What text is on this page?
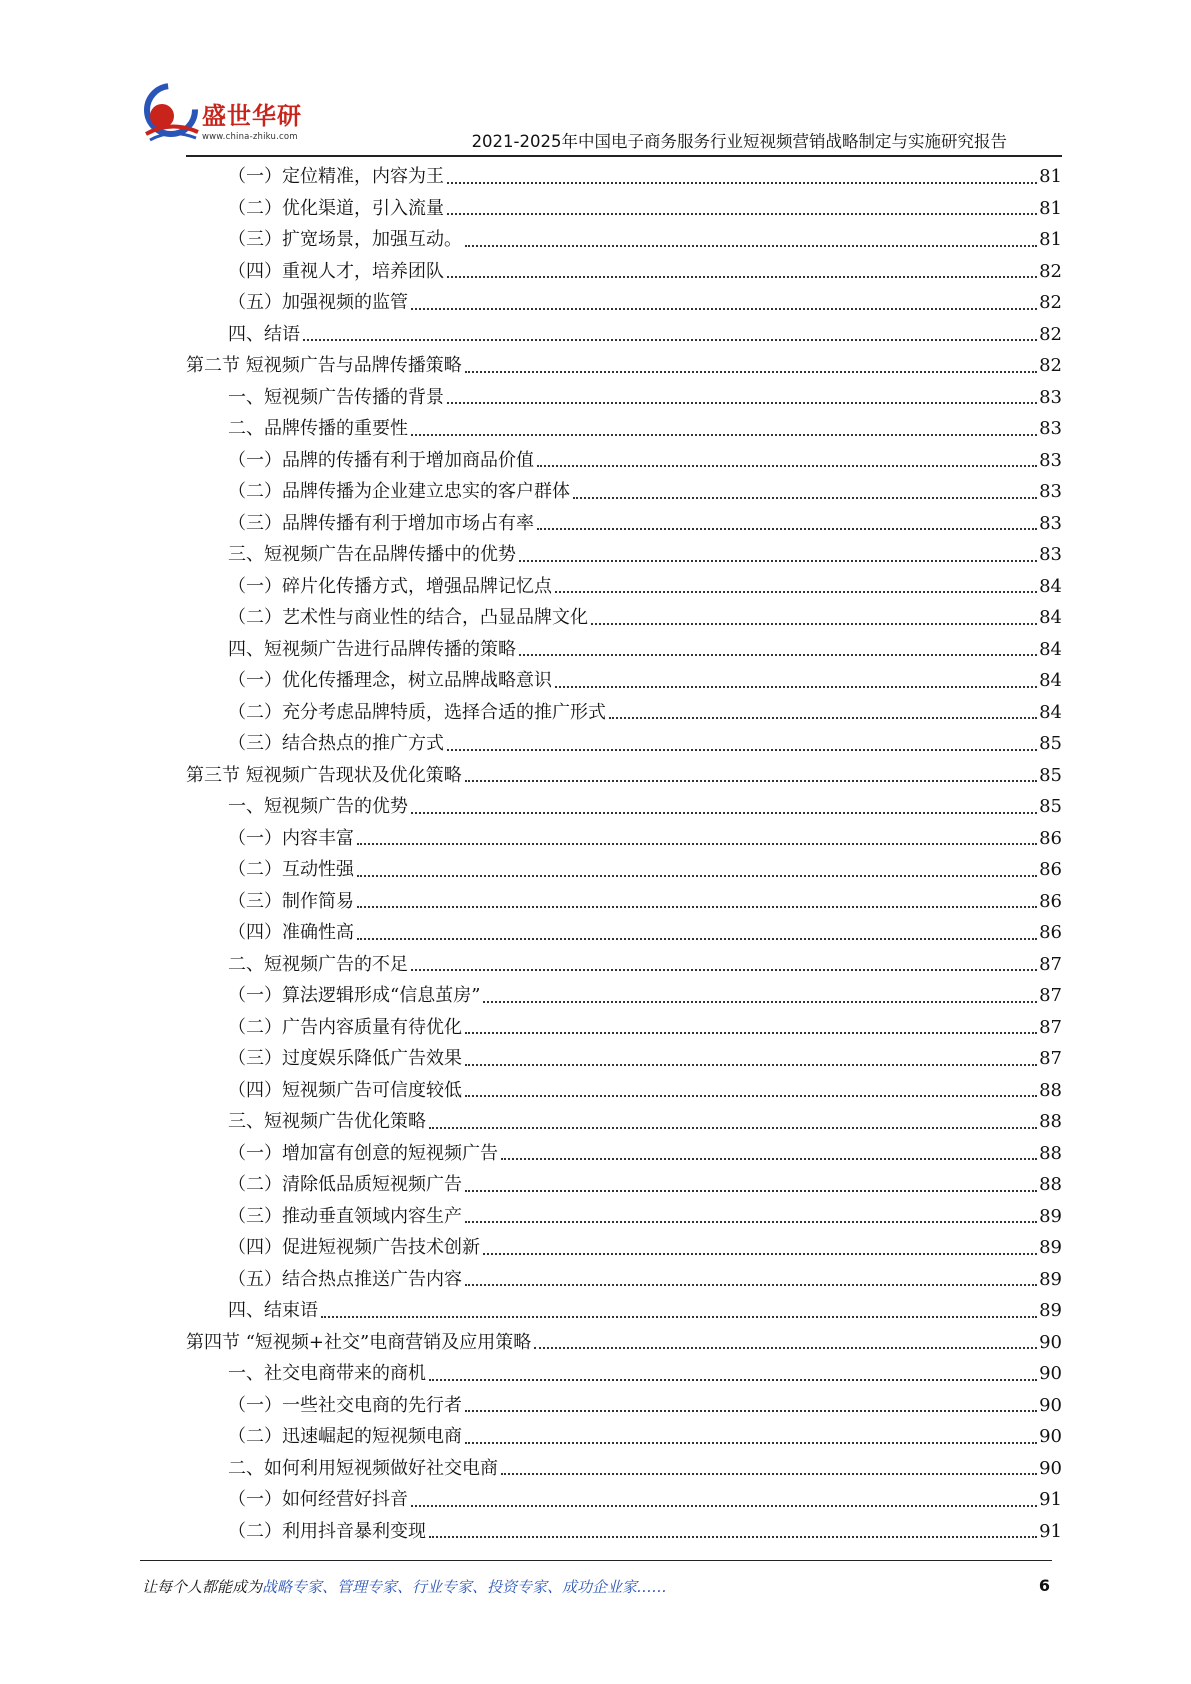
盛世华研
www.china-zhiku.com	2021-2025年中国电子商务服务行业短视频营销战略制定与实施研究报告
（一）定位精准，内容为王	81
（二）优化渠道，引入流量	81
（三）扩宽场景，加强互动。	81
（四）重视人才，培养团队	82
（五）加强视频的监管	82
四、结语	82
第二节 短视频广告与品牌传播策略	82
一、短视频广告传播的背景	83
二、品牌传播的重要性	83
（一）品牌的传播有利于增加商品价值	83
（二）品牌传播为企业建立忠实的客户群体	83
（三）品牌传播有利于增加市场占有率	83
三、短视频广告在品牌传播中的优势	83
（一）碎片化传播方式，增强品牌记忆点	84
（二）艺术性与商业性的结合，凸显品牌文化	84
四、短视频广告进行品牌传播的策略	84
（一）优化传播理念，树立品牌战略意识	84
（二）充分考虑品牌特质，选择合适的推广形式	84
（三）结合热点的推广方式	85
第三节 短视频广告现状及优化策略	85
一、短视频广告的优势	85
（一）内容丰富	86
（二）互动性强	86
（三）制作简易	86
（四）准确性高	86
二、短视频广告的不足	87
（一）算法逻辑形成“信息茧房”	87
（二）广告内容质量有待优化	87
（三）过度娱乐降低广告效果	87
（四）短视频广告可信度较低	88
三、短视频广告优化策略	88
（一）增加富有创意的短视频广告	88
（二）清除低品质短视频广告	88
（三）推动垂直领域内容生产	89
（四）促进短视频广告技术创新	89
（五）结合热点推送广告内容	89
四、结束语	89
第四节 “短视频+社交”电商营销及应用策略	90
一、社交电商带来的商机	90
（一）一些社交电商的先行者	90
（二）迅速崛起的短视频电商	90
二、如何利用短视频做好社交电商	90
（一）如何经营好抖音	91
（二）利用抖音暴利变现	91
让每个人都能成为战略专家、管理专家、行业专家、投资专家、成功企业家……	6
